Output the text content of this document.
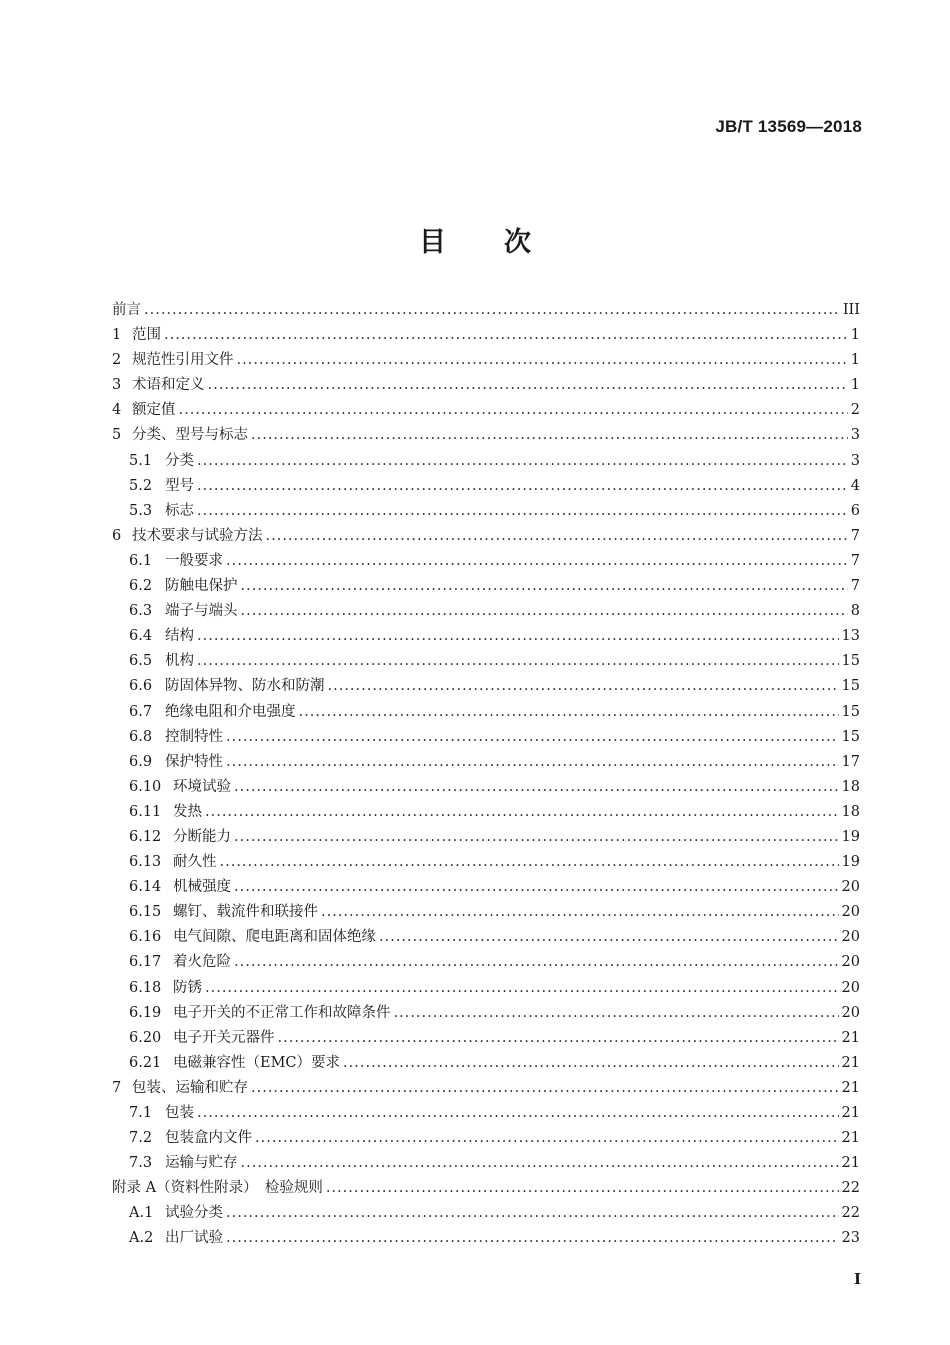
JB/T 13569—2018
目 次
前言 .....	III
1 范围 .....	1
2 规范性引用文件 .....	1
3 术语和定义 .....	1
4 额定值 .....	2
5 分类、型号与标志 .....	3
5.1 分类 .....	3
5.2 型号 .....	4
5.3 标志 .....	6
6 技术要求与试验方法 .....	7
6.1 一般要求 .....	7
6.2 防触电保护 .....	7
6.3 端子与端头 .....	8
6.4 结构 .....	13
6.5 机构 .....	15
6.6 防固体异物、防水和防潮 .....	15
6.7 绝缘电阻和介电强度 .....	15
6.8 控制特性 .....	15
6.9 保护特性 .....	17
6.10 环境试验 .....	18
6.11 发热 .....	18
6.12 分断能力 .....	19
6.13 耐久性 .....	19
6.14 机械强度 .....	20
6.15 螺钉、载流件和联接件 .....	20
6.16 电气间隙、爬电距离和固体绝缘 .....	20
6.17 着火危险 .....	20
6.18 防锈 .....	20
6.19 电子开关的不正常工作和故障条件 .....	20
6.20 电子开关元器件 .....	21
6.21 电磁兼容性（EMC）要求 .....	21
7 包装、运输和贮存 .....	21
7.1 包装 .....	21
7.2 包装盒内文件 .....	21
7.3 运输与贮存 .....	21
附录 A（资料性附录）　检验规则 .....	22
A.1 试验分类 .....	22
A.2 出厂试验 .....	23
I
